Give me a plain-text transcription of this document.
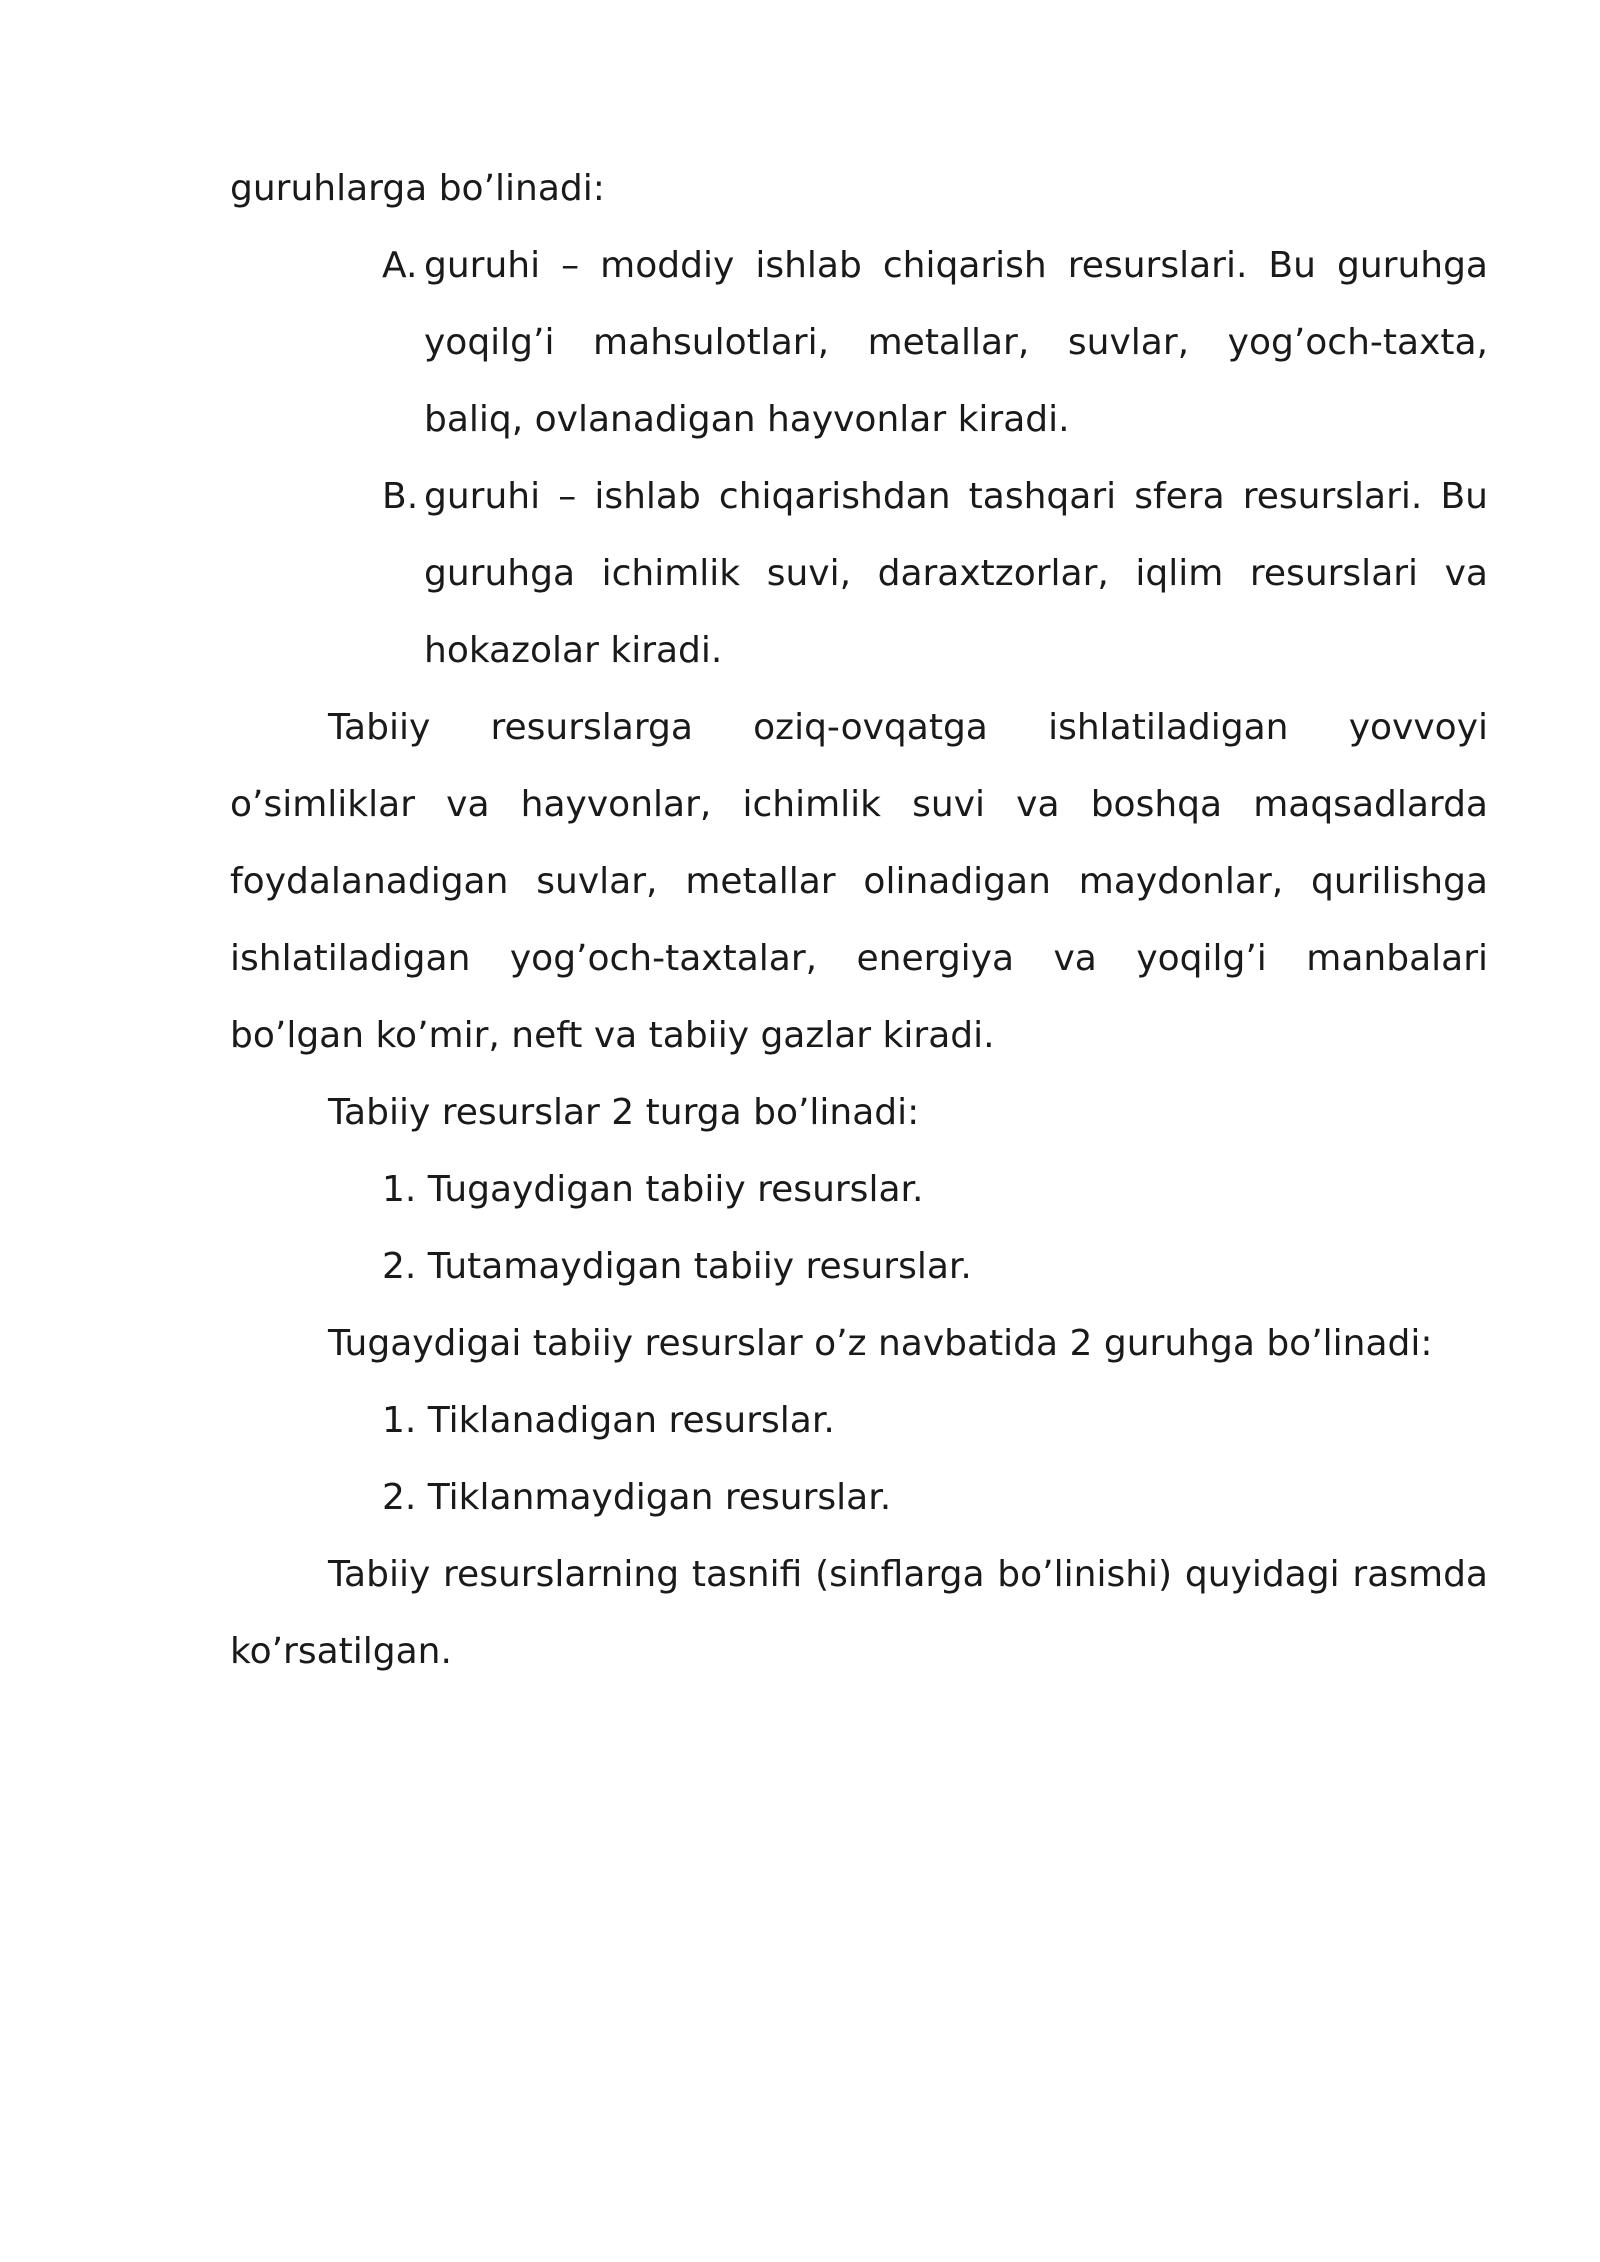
guruhlarga bo’linadi:

A. guruhi – moddiy ishlab chiqarish resurslari. Bu guruhga yoqilg’i mahsulotlari, metallar, suvlar, yog’och-taxta, baliq, ovlanadigan hayvonlar kiradi.

B. guruhi – ishlab chiqarishdan tashqari sfera resurslari. Bu guruhga ichimlik suvi, daraxtzorlar, iqlim resurslari va hokazolar kiradi.

Tabiiy resurslarga oziq-ovqatga ishlatiladigan yovvoyi o’simliklar va hayvonlar, ichimlik suvi va boshqa maqsadlarda foydalanadigan suvlar, metallar olinadigan maydonlar, qurilishga ishlatiladigan yog’och-taxtalar, energiya va yoqilg’i manbalari bo’lgan ko’mir, neft va tabiiy gazlar kiradi.

Tabiiy resurslar 2 turga bo’linadi:

1. Tugaydigan tabiiy resurslar.

2. Tutamaydigan tabiiy resurslar.

Tugaydigai tabiiy resurslar o’z navbatida 2 guruhga bo’linadi:

1. Tiklanadigan resurslar.

2. Tiklanmaydigan resurslar.

Tabiiy resurslarning tasnifi (sinflarga bo’linishi) quyidagi rasmda ko’rsatilgan.
